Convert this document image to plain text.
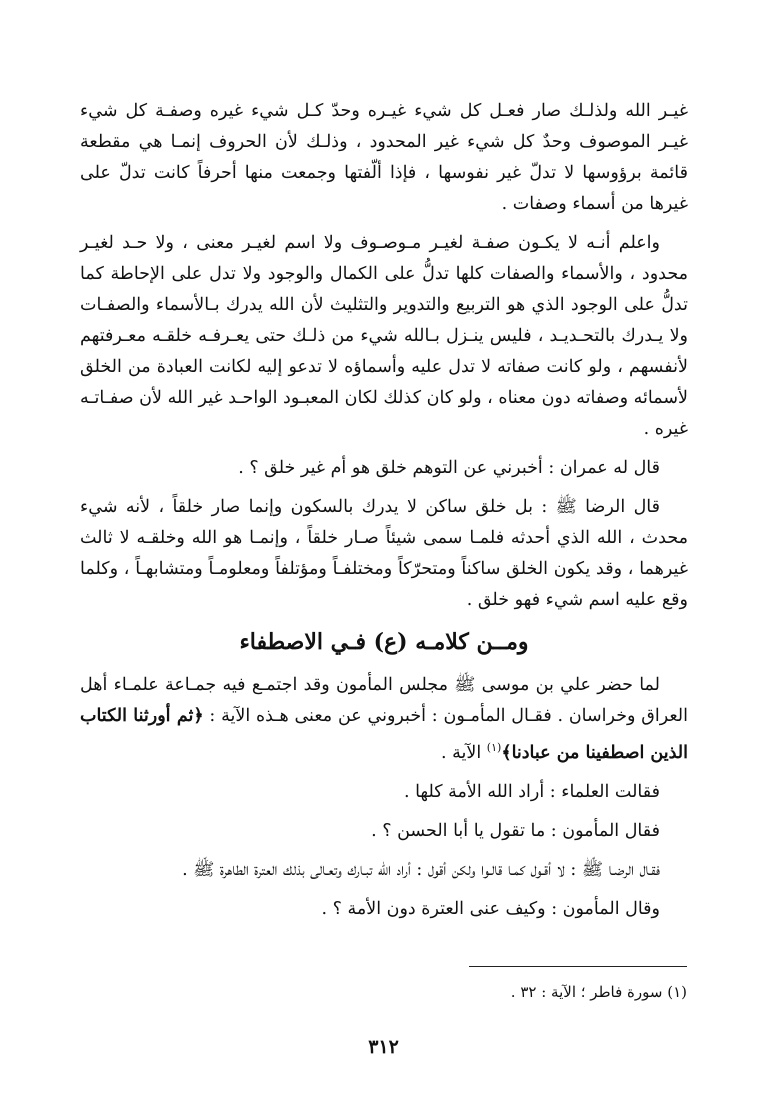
غيـر الله ولذلـك صار فعـل كل شيء غيـره وحدّ كـل شيء غيره وصفـة كل شيء غيـر الموصوف وحدٌ كل شيء غير المحدود ، وذلـك لأن الحروف إنمـا هي مقطعة قائمة برؤوسها لا تدلّ غير نفوسها ، فإذا ألّفتها وجمعت منها أحرفاً كانت تدلّ على غيرها من أسماء وصفات .

واعلم أنـه لا يكـون صفـة لغيـر مـوصـوف ولا اسم لغيـر معنى ، ولا حـد لغيـر محدود ، والأسماء والصفات كلها تدلُّ على الكمال والوجود ولا تدل على الإحاطة كما تدلُّ على الوجود الذي هو التربيع والتدوير والتثليث لأن الله يدرك بـالأسماء والصفـات ولا يـدرك بالتحـديـد ، فليس ينـزل بـالله شيء من ذلـك حتى يعـرفـه خلقـه معـرفتهم لأنفسهم ، ولو كانت صفاته لا تدل عليه وأسماؤه لا تدعو إليه لكانت العبادة من الخلق لأسمائه وصفاته دون معناه ، ولو كان كذلك لكان المعبـود الواحـد غير الله لأن صفـاتـه غيره .

قال له عمران : أخبرني عن التوهم خلق هو أم غير خلق ؟ .

قال الرضا ﷺ : بل خلق ساكن لا يدرك بالسكون وإنما صار خلقاً ، لأنه شيء محدث ، الله الذي أحدثه فلمـا سمى شيئاً صـار خلقاً ، وإنمـا هو الله وخلقـه لا ثالث غيرهما ، وقد يكون الخلق ساكناً ومتحرّكاً ومختلفـاً ومؤتلفاً ومعلومـاً ومتشابهـاً ، وكلما وقع عليه اسم شيء فهو خلق .

ومــن كلامـه (ع) فـي الاصطفاء

لما حضر علي بن موسى ﷺ مجلس المأمون وقد اجتمـع فيه جمـاعة علمـاء أهل العراق وخراسان . فقـال المأمـون : أخبروني عن معنى هـذه الآية : ﴿ثم أورثنا الكتاب الذين اصطفينا من عبادنا﴾$^{(١)}$ الآية .

فقالت العلماء : أراد الله الأمة كلها .

فقال المأمون : ما تقول يا أبا الحسن ؟ .

فقـال الرضـا ﷺ : لا أقـول كمـا قالـوا ولكن أقول : أراد الله تبـارك وتعـالى بذلك العترة الطاهرة ﷺ .

وقال المأمون : وكيف عنى العترة دون الأمة ؟ .

(١) سورة فاطر ؛ الآية : ٣٢ .
٣١٢
